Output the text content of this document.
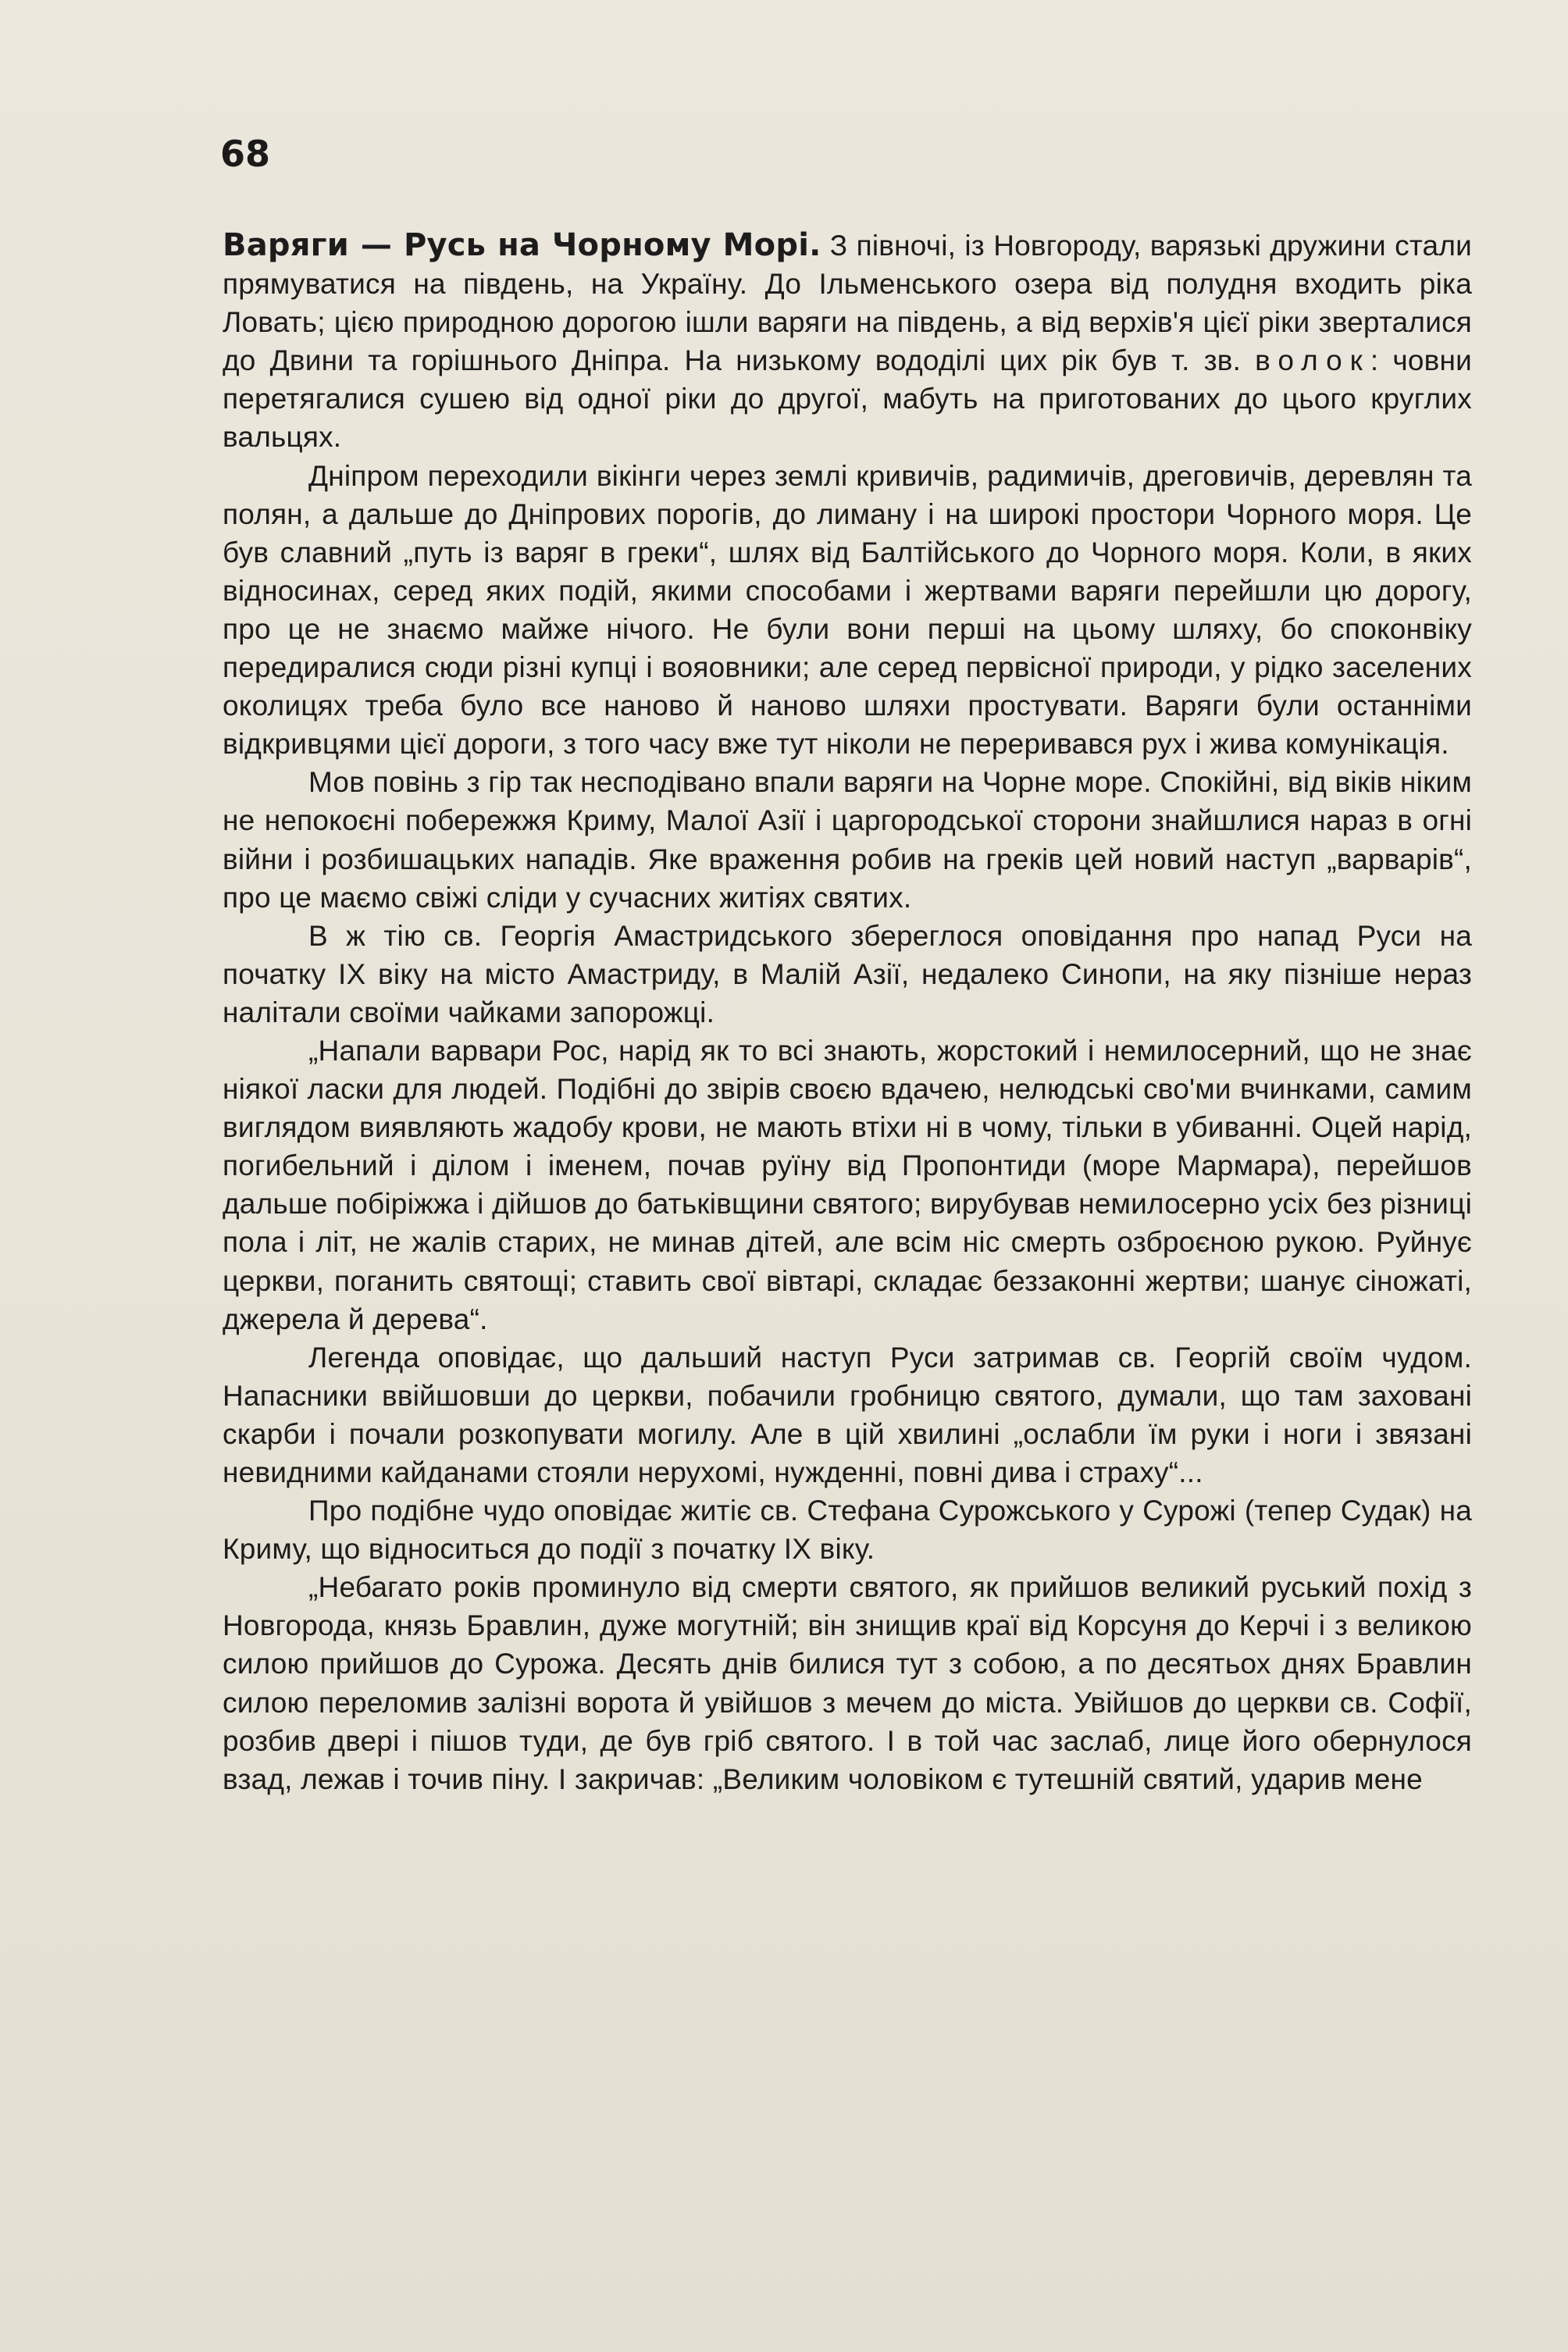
68

Варяги — Русь на Чорному Морі. З півночі, із Новгороду, варязькі дружини стали прямуватися на південь, на Україну. До Ільменського озера від полудня входить ріка Ловать; цією природною дорогою ішли варяги на південь, а від верхів'я цієї ріки зверталися до Двини та горішнього Дніпра. На низькому вододілі цих рік був т. зв. волок: човни перетягалися сушею від одної ріки до другої, мабуть на приготованих до цього круглих вальцях.

Дніпром переходили вікінги через землі кривичів, радимичів, дреговичів, деревлян та полян, а дальше до Дніпрових порогів, до лиману і на широкі простори Чорного моря. Це був славний „путь із варяг в греки“, шлях від Балтійського до Чорного моря. Коли, в яких відносинах, серед яких подій, якими способами і жертвами варяги перейшли цю дорогу, про це не знаємо майже нічого. Не були вони перші на цьому шляху, бо споконвіку передиралися сюди різні купці і вояовники; але серед первісної природи, у рідко заселених околицях треба було все наново й наново шляхи простувати. Варяги були останніми відкривцями цієї дороги, з того часу вже тут ніколи не переривався рух і жива комунікація.

Мов повінь з гір так несподівано впали варяги на Чорне море. Спокійні, від віків ніким не непокоєні побережжя Криму, Малої Азії і царгородської сторони знайшлися нараз в огні війни і розбишацьких нападів. Яке враження робив на греків цей новий наступ „варварів“, про це маємо свіжі сліди у сучасних житіях святих.

В ж тію св. Георгія Амастридського збереглося оповідання про напад Руси на початку IX віку на місто Амастриду, в Малій Азії, недалеко Синопи, на яку пізніше нераз налітали своїми чайками запорожці.

„Напали варвари Рос, нарід як то всі знають, жорстокий і немилосерний, що не знає ніякої ласки для людей. Подібні до звірів своєю вдачею, нелюдські сво'ми вчинками, самим виглядом виявляють жадобу крови, не мають втіхи ні в чому, тільки в убиванні. Оцей нарід, погибельний і ділом і іменем, почав руїну від Пропонтиди (море Мармара), перейшов дальше побіріжжа і дійшов до батьківщини святого; вирубував немилосерно усіх без різниці пола і літ, не жалів старих, не минав дітей, але всім ніс смерть озброєною рукою. Руйнує церкви, поганить святощі; ставить свої вівтарі, складає беззаконні жертви; шанує сіножаті, джерела й дерева“.

Легенда оповідає, що дальший наступ Руси затримав св. Георгій своїм чудом. Напасники ввійшовши до церкви, побачили гробницю святого, думали, що там заховані скарби і почали розкопувати могилу. Але в цій хвилині „ослабли їм руки і ноги і звязані невидними кайданами стояли нерухомі, нужденні, повні дива і страху“...

Про подібне чудо оповідає житіє св. Стефана Сурожського у Сурожі (тепер Судак) на Криму, що відноситься до події з початку IX віку.

„Небагато років проминуло від смерти святого, як прийшов великий руський похід з Новгорода, князь Бравлин, дуже могутній; він знищив краї від Корсуня до Керчі і з великою силою прийшов до Сурожа. Десять днів билися тут з собою, а по десятьох днях Бравлин силою переломив залізні ворота й увійшов з мечем до міста. Увійшов до церкви св. Софії, розбив двері і пішов туди, де був гріб святого. І в той час заслаб, лице його обернулося взад, лежав і точив піну. І закричав: „Великим чоловіком є тутешній святий, ударив мене
